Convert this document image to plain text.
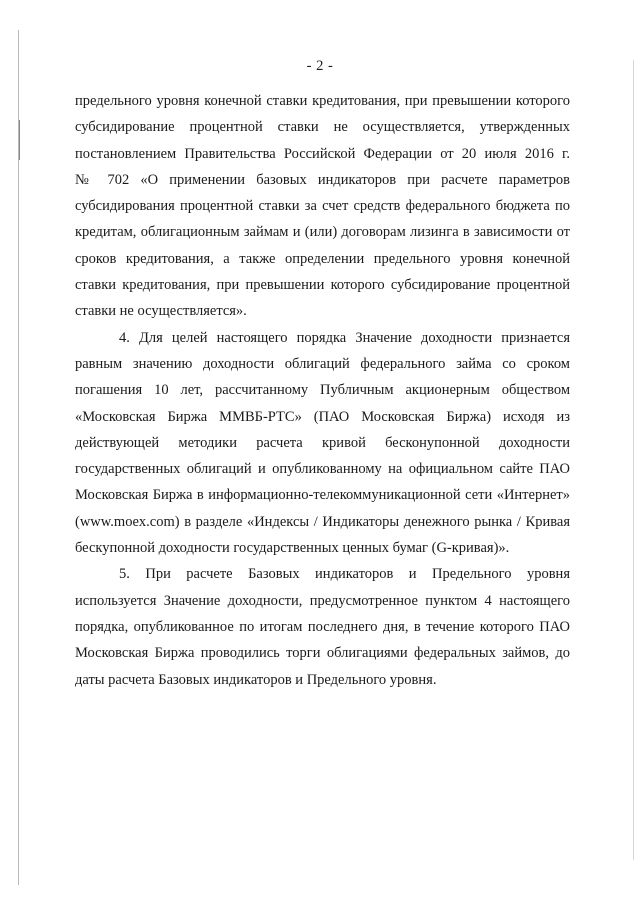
- 2 -

предельного уровня конечной ставки кредитования, при превышении которого
субсидирование процентной ставки не осуществляется, утвержденных
постановлением Правительства Российской Федерации от 20 июля 2016 г.
№ 702 «О применении базовых индикаторов при расчете параметров
субсидирования процентной ставки за счет средств федерального бюджета по
кредитам, облигационным займам и (или) договорам лизинга в зависимости от
сроков кредитования, а также определении предельного уровня конечной
ставки кредитования, при превышении которого субсидирование процентной
ставки не осуществляется».

4. Для целей настоящего порядка Значение доходности признается
равным значению доходности облигаций федерального займа со сроком
погашения 10 лет, рассчитанному Публичным акционерным обществом
«Московская Биржа ММВБ-РТС» (ПАО Московская Биржа) исходя из
действующей методики расчета кривой бесконупонной доходности
государственных облигаций и опубликованному на официальном сайте ПАО
Московская Биржа в информационно-телекоммуникационной сети «Интернет»
(www.moex.com) в разделе «Индексы / Индикаторы денежного рынка / Кривая
бескупонной доходности государственных ценных бумаг (G-кривая)».

5. При расчете Базовых индикаторов и Предельного уровня
используется Значение доходности, предусмотренное пунктом 4 настоящего
порядка, опубликованное по итогам последнего дня, в течение которого ПАО
Московская Биржа проводились торги облигациями федеральных займов, до
даты расчета Базовых индикаторов и Предельного уровня.
